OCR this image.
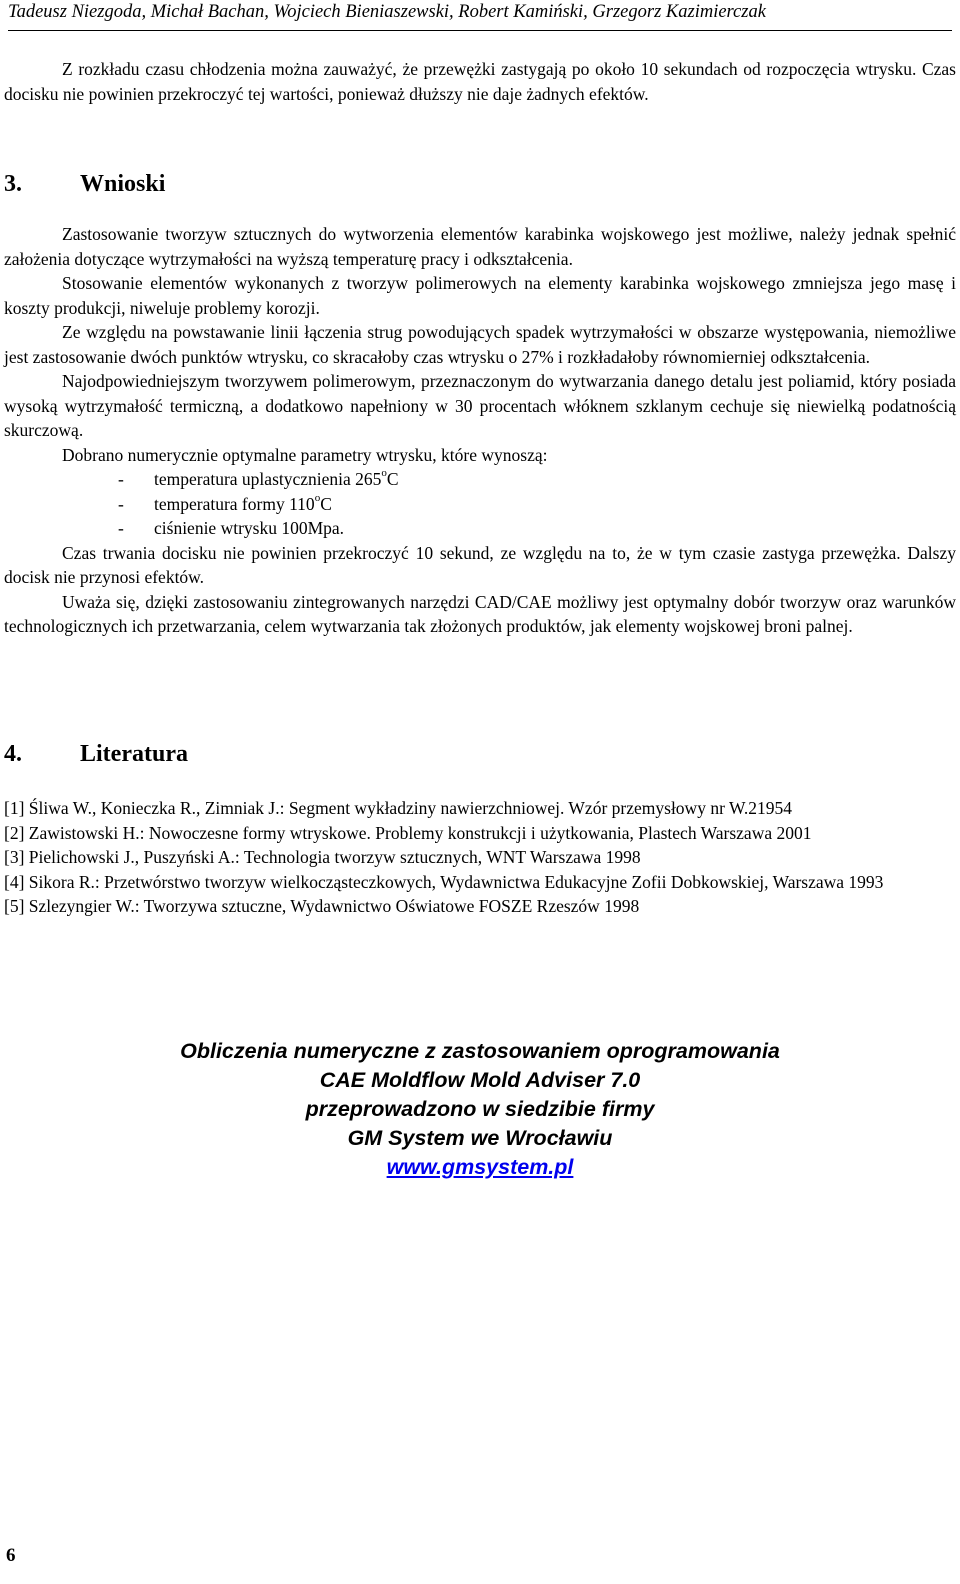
Tadeusz Niezgoda, Michał Bachan, Wojciech Bieniaszewski, Robert Kamiński, Grzegorz Kazimierczak

Z rozkładu czasu chłodzenia można zauważyć, że przewężki zastygają po około 10 sekundach od rozpoczęcia wtrysku. Czas docisku nie powinien przekroczyć tej wartości, ponieważ dłuższy nie daje żadnych efektów.

3. Wnioski

Zastosowanie tworzyw sztucznych do wytworzenia elementów karabinka wojskowego jest możliwe, należy jednak spełnić założenia dotyczące wytrzymałości na wyższą temperaturę pracy i odkształcenia.

Stosowanie elementów wykonanych z tworzyw polimerowych na elementy karabinka wojskowego zmniejsza jego masę i koszty produkcji, niweluje problemy korozji.

Ze względu na powstawanie linii łączenia strug powodujących spadek wytrzymałości w obszarze występowania, niemożliwe jest zastosowanie dwóch punktów wtrysku, co skracałoby czas wtrysku o 27% i rozkładałoby równomierniej odkształcenia.

Najodpowiedniejszym tworzywem polimerowym, przeznaczonym do wytwarzania danego detalu jest poliamid, który posiada wysoką wytrzymałość termiczną, a dodatkowo napełniony w 30 procentach włóknem szklanym cechuje się niewielką podatnością skurczową.

Dobrano numerycznie optymalne parametry wtrysku, które wynoszą:

- temperatura uplastycznienia 265$^o$C
- temperatura formy 110$^o$C
- ciśnienie wtrysku 100Mpa.

Czas trwania docisku nie powinien przekroczyć 10 sekund, ze względu na to, że w tym czasie zastyga przewężka. Dalszy docisk nie przynosi efektów.

Uważa się, dzięki zastosowaniu zintegrowanych narzędzi CAD/CAE możliwy jest optymalny dobór tworzyw oraz warunków technologicznych ich przetwarzania, celem wytwarzania tak złożonych produktów, jak elementy wojskowej broni palnej.

4. Literatura
[1] Śliwa W., Konieczka R., Zimniak J.: Segment wykładziny nawierzchniowej. Wzór przemysłowy nr W.21954
[2] Zawistowski H.: Nowoczesne formy wtryskowe. Problemy konstrukcji i użytkowania, Plastech Warszawa 2001
[3] Pielichowski J., Puszyński A.: Technologia tworzyw sztucznych, WNT Warszawa 1998
[4] Sikora R.: Przetwórstwo tworzyw wielkocząsteczkowych, Wydawnictwa Edukacyjne Zofii Dobkowskiej, Warszawa 1993
[5] Szlezyngier W.: Tworzywa sztuczne, Wydawnictwo Oświatowe FOSZE Rzeszów 1998
Obliczenia numeryczne z zastosowaniem oprogramowania
CAE Moldflow Mold Adviser 7.0
przeprowadzono w siedzibie firmy
GM System we Wrocławiu
www.gmsystem.pl
6
